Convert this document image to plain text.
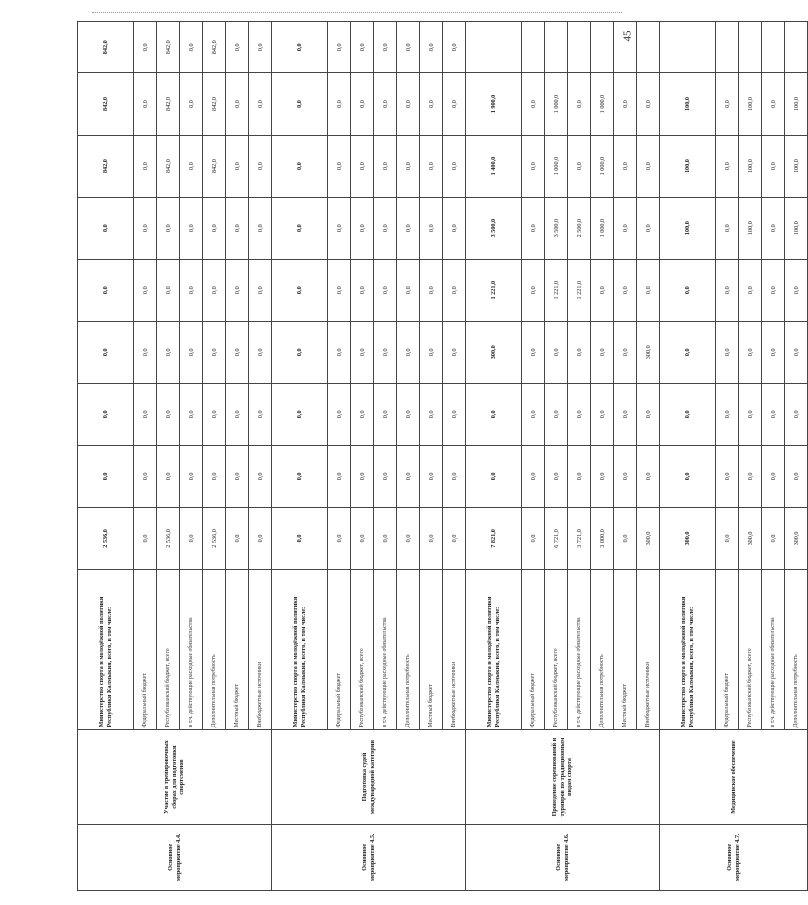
45
Основное мероприятие 4.4.	Участие в тренировочных сборах для подготовки спортсменов	Министерство спорта и молодёжной политики Республики Калмыкия, всего, в том числе:	2 536,0	0,0	0,0	0,0	0,0	0,0	842,0	842,0	842,0
		Федеральный бюджет	0,0	0,0	0,0	0,0	0,0	0,0	0,0	0,0	0,0
		Республиканский бюджет, всего	2 536,0	0,0	0,0	0,0	0,0	0,0	842,0	842,0	842,0
		в т.ч. действующие расходные обязательства	0,0	0,0	0,0	0,0	0,0	0,0	0,0	0,0	0,0
		Дополнительная потребность	2 536,0	0,0	0,0	0,0	0,0	0,0	842,0	842,0	842,0
		Местный бюджет	0,0	0,0	0,0	0,0	0,0	0,0	0,0	0,0	0,0
		Внебюджетные источники	0,0	0,0	0,0	0,0	0,0	0,0	0,0	0,0	0,0
Основное мероприятие 4.5.	Подготовка судей международной категории	Министерство спорта и молодёжной политики Республики Калмыкия, всего, в том числе:	0,0	0,0	0,0	0,0	0,0	0,0	0,0	0,0	0,0
		Федеральный бюджет	0,0	0,0	0,0	0,0	0,0	0,0	0,0	0,0	0,0
		Республиканский бюджет, всего	0,0	0,0	0,0	0,0	0,0	0,0	0,0	0,0	0,0
		в т.ч. действующие расходные обязательства	0,0	0,0	0,0	0,0	0,0	0,0	0,0	0,0	0,0
		Дополнительная потребность	0,0	0,0	0,0	0,0	0,0	0,0	0,0	0,0	0,0
		Местный бюджет	0,0	0,0	0,0	0,0	0,0	0,0	0,0	0,0	0,0
		Внебюджетные источники	0,0	0,0	0,0	0,0	0,0	0,0	0,0	0,0	0,0
Основное мероприятие 4.6.	Проведение соревнований и турниров по традиционным видам спорта	Министерство спорта и молодёжной политики Республики Калмыкия, всего, в том числе:	7 821,0	0,0	0,0	300,0	1 221,0	3 500,0	1 400,0	1 900,0	
		Федеральный бюджет	0,0	0,0	0,0	0,0	0,0	0,0	0,0	0,0	
		Республиканский бюджет, всего	6 721,0	0,0	0,0	0,0	1 221,0	3 500,0	1 000,0	1 000,0	
		в т.ч. действующие расходные обязательства	3 721,0	0,0	0,0	0,0	1 221,0	2 500,0	0,0	0,0	
		Дополнительная потребность	3 000,0	0,0	0,0	0,0	0,0	1 000,0	1 000,0	1 000,0	
		Местный бюджет	0,0	0,0	0,0	0,0	0,0	0,0	0,0	0,0	
		Внебюджетные источники	300,0	0,0	0,0	300,0	0,0	0,0	0,0	0,0	
Основное мероприятие 4.7.	Медицинское обеспечение	Министерство спорта и молодёжной политики Республики Калмыкия, всего, в том числе:	300,0	0,0	0,0	0,0	0,0	100,0	100,0	100,0	
		Федеральный бюджет	0,0	0,0	0,0	0,0	0,0	0,0	0,0	0,0	
		Республиканский бюджет, всего	300,0	0,0	0,0	0,0	0,0	100,0	100,0	100,0	
		в т.ч. действующие расходные обязательства	0,0	0,0	0,0	0,0	0,0	0,0	0,0	0,0	
		Дополнительная потребность	300,0	0,0	0,0	0,0	0,0	100,0	100,0	100,0	
